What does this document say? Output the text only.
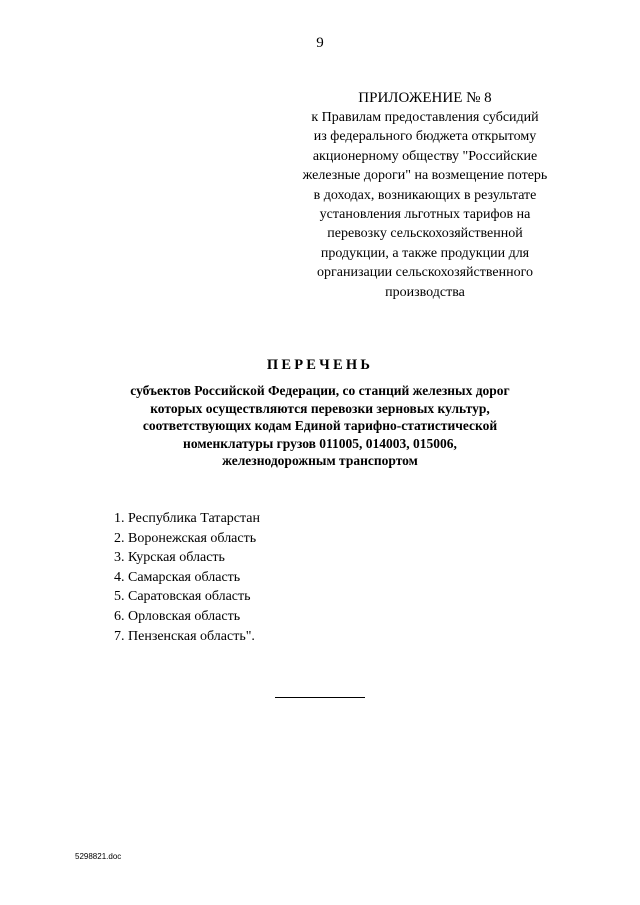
9
ПРИЛОЖЕНИЕ № 8
к Правилам предоставления субсидий
из федерального бюджета открытому
акционерному обществу "Российские
железные дороги" на возмещение потерь
в доходах, возникающих в результате
установления льготных тарифов на
перевозку сельскохозяйственной
продукции, а также продукции для
организации сельскохозяйственного
производства
ПЕРЕЧЕНЬ
субъектов Российской Федерации, со станций железных дорог
которых осуществляются перевозки зерновых культур,
соответствующих кодам Единой тарифно-статистической
номенклатуры грузов 011005, 014003, 015006,
железнодорожным транспортом
1. Республика Татарстан
2. Воронежская область
3. Курская область
4. Самарская область
5. Саратовская область
6. Орловская область
7. Пензенская область".
5298821.doc
